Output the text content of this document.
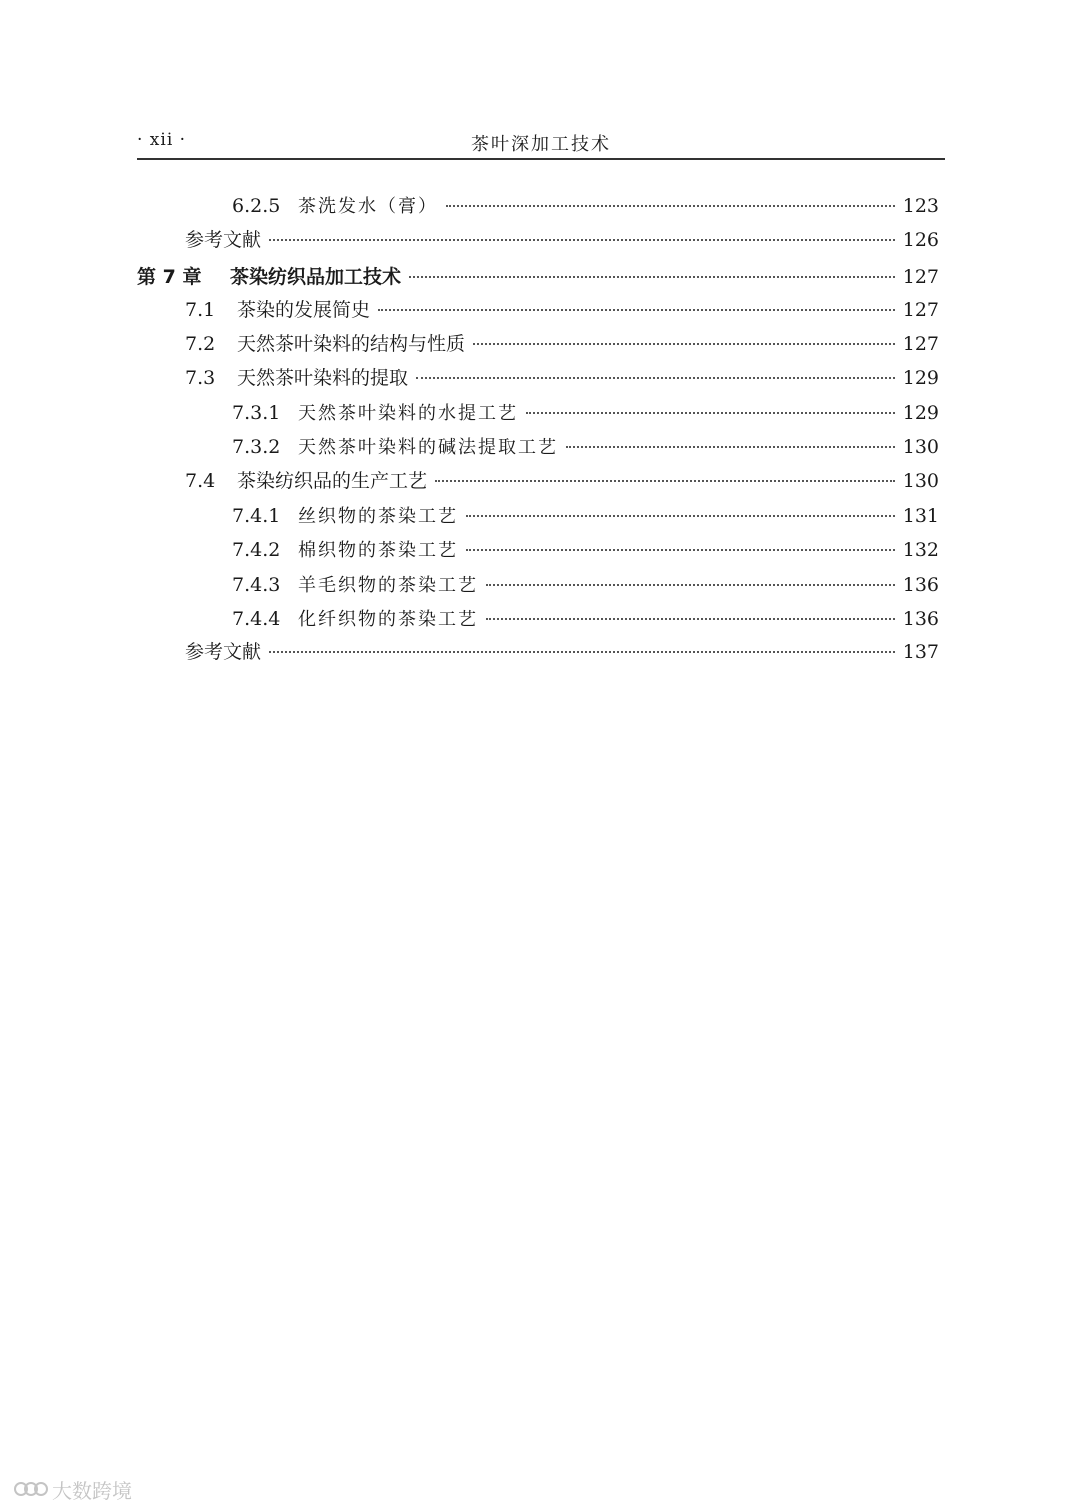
· xii ·	茶叶深加工技术
6.2.5 茶洗发水（膏）	123
参考文献	126
第 7 章	茶染纺织品加工技术	127
7.1	茶染的发展简史	127
7.2	天然茶叶染料的结构与性质	127
7.3	天然茶叶染料的提取	129
7.3.1 天然茶叶染料的水提工艺	129
7.3.2 天然茶叶染料的碱法提取工艺	130
7.4	茶染纺织品的生产工艺	130
7.4.1 丝织物的茶染工艺	131
7.4.2 棉织物的茶染工艺	132
7.4.3 羊毛织物的茶染工艺	136
7.4.4 化纤织物的茶染工艺	136
参考文献	137
大数跨境
